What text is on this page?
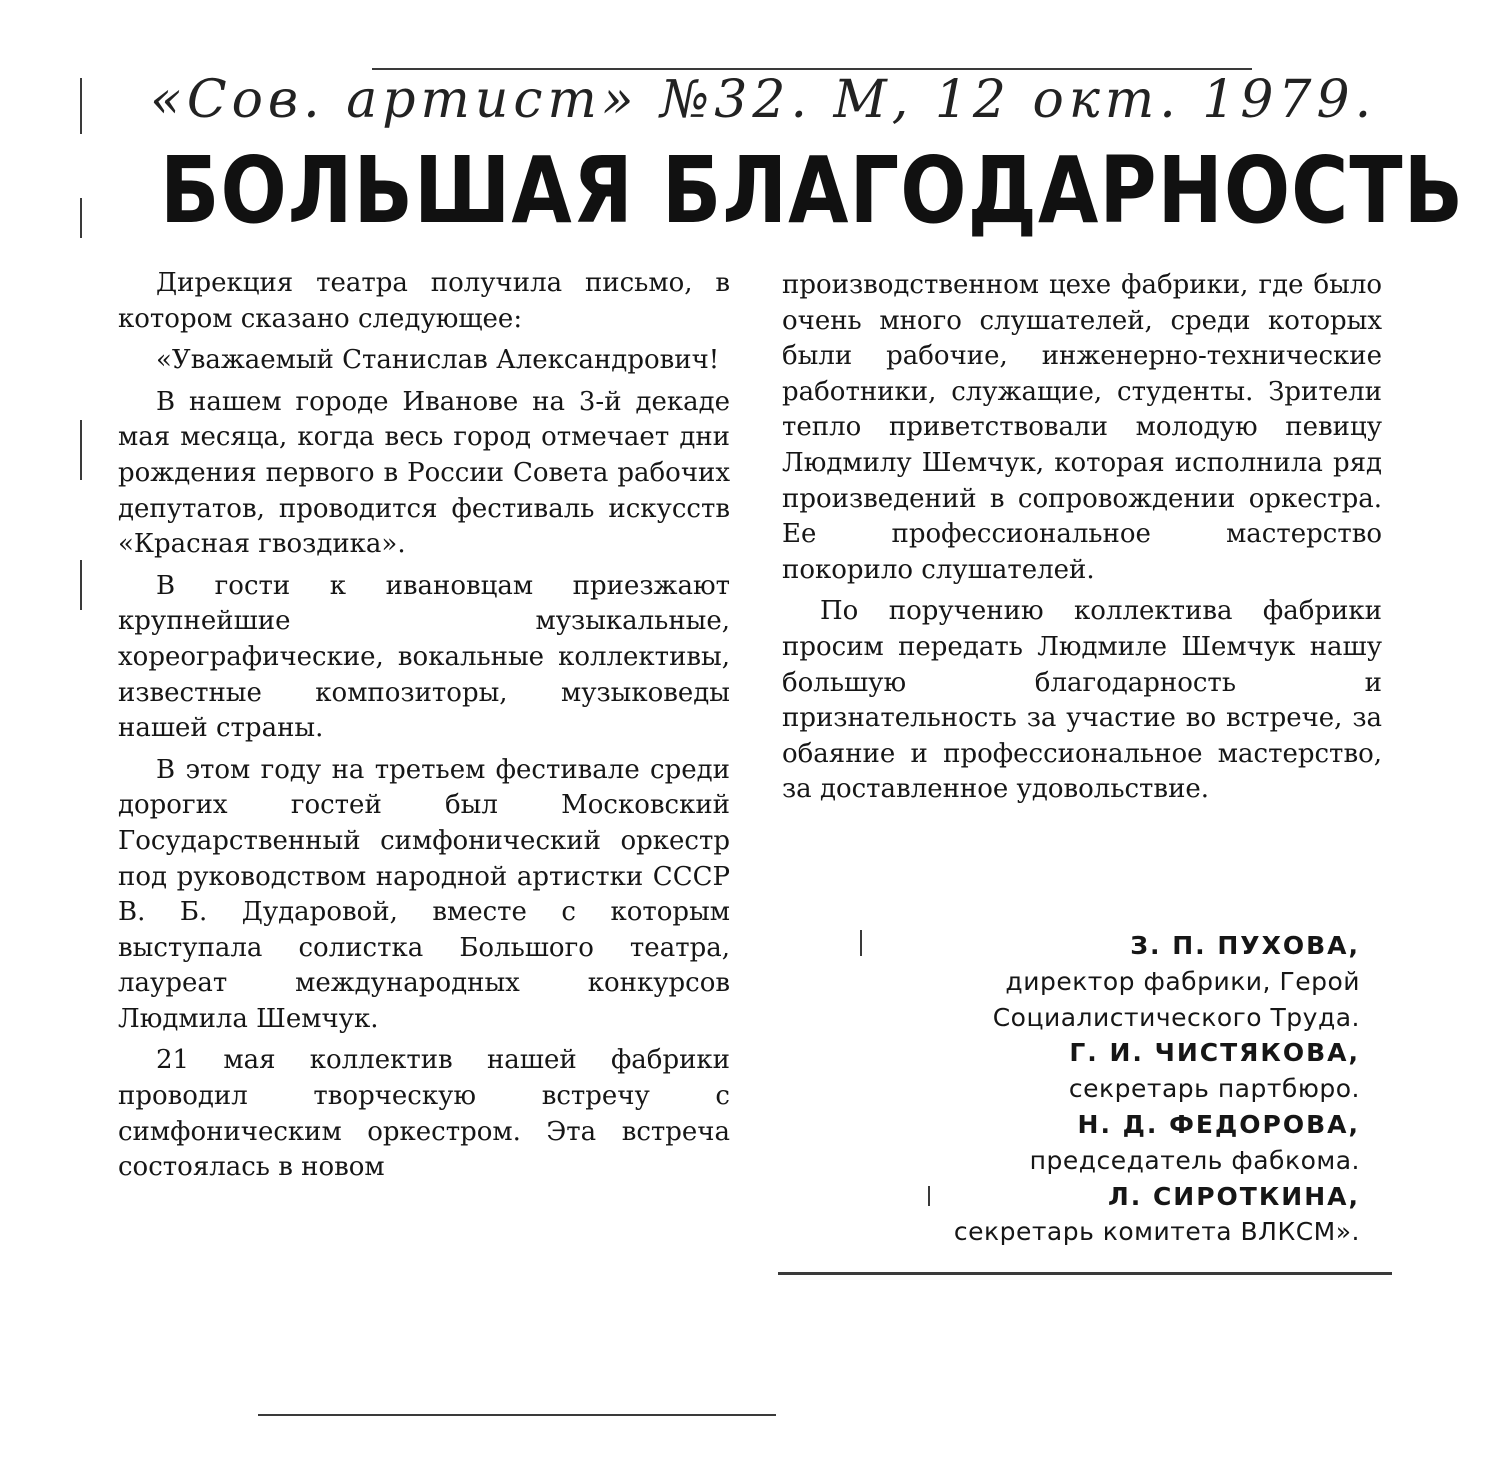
«Сов. артист» №32. М, 12 окт. 1979.
БОЛЬШАЯ БЛАГОДАРНОСТЬ

Дирекция театра получила письмо, в котором сказано следующее:

«Уважаемый Станислав Александрович!

В нашем городе Иванове на 3-й декаде мая месяца, когда весь город отмечает дни рождения первого в России Совета рабочих депутатов, проводится фестиваль искусств «Красная гвоздика».

В гости к ивановцам приезжают крупнейшие музыкальные, хореографические, вокальные коллективы, известные композиторы, музыковеды нашей страны.

В этом году на третьем фестивале среди дорогих гостей был Московский Государственный симфонический оркестр под руководством народной артистки СССР В. Б. Дударовой, вместе с которым выступала солистка Большого театра, лауреат международных конкурсов Людмила Шемчук.

21 мая коллектив нашей фабрики проводил творческую встречу с симфоническим оркестром. Эта встреча состоялась в новом

производственном цехе фабрики, где было очень много слушателей, среди которых были рабочие, инженерно-технические работники, служащие, студенты. Зрители тепло приветствовали молодую певицу Людмилу Шемчук, которая исполнила ряд произведений в сопровождении оркестра. Ее профессиональное мастерство покорило слушателей.

По поручению коллектива фабрики просим передать Людмиле Шемчук нашу большую благодарность и признательность за участие во встрече, за обаяние и профессиональное мастерство, за доставленное удовольствие.

З. П. ПУХОВА,
директор фабрики, Герой Социалистического Труда.
Г. И. ЧИСТЯКОВА,
секретарь партбюро.
Н. Д. ФЕДОРОВА,
председатель фабкома.
Л. СИРОТКИНА,
секретарь комитета ВЛКСМ».
